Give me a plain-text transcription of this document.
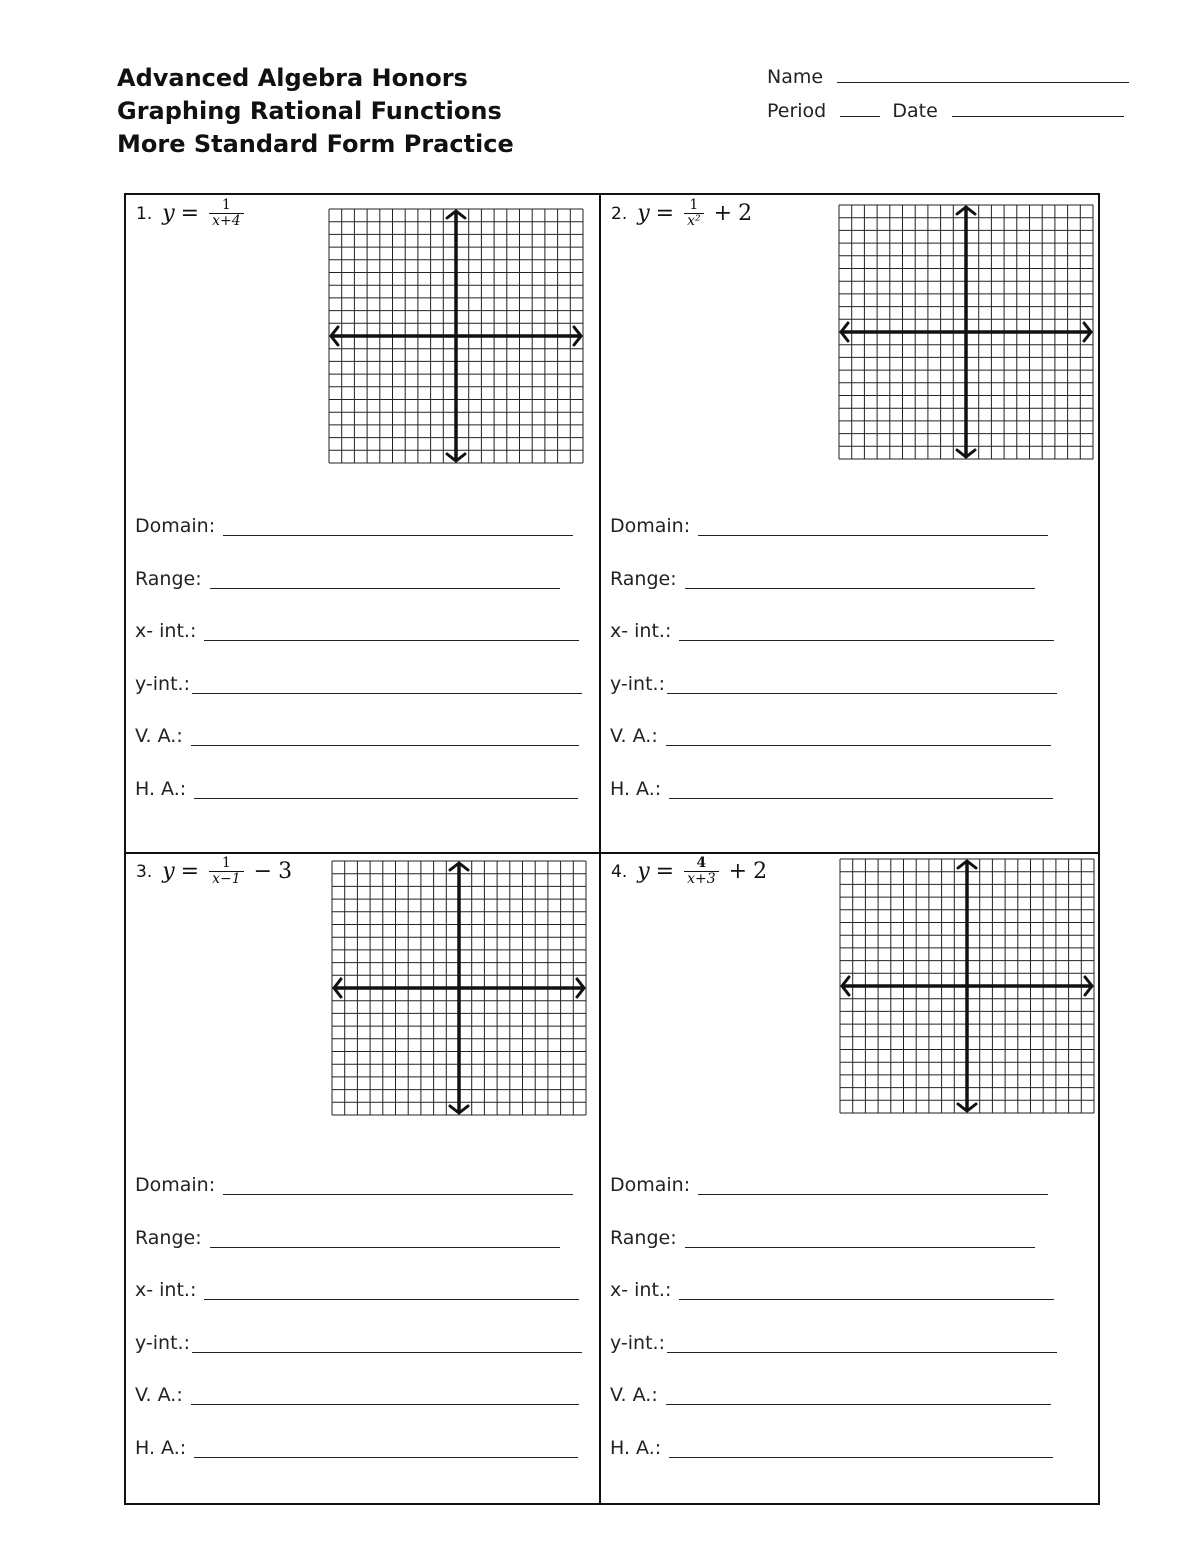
Advanced Algebra Honors
Graphing Rational Functions
More Standard Form Practice
Name
Period	Date
1. $y = \frac{1}{x+4}$
Domain:
Range:
x- int.:
y-int.:
V. A.:
H. A.:
2. $y = \frac{1}{\text{x²}} + 2$
Domain:
Range:
x- int.:
y-int.:
V. A.:
H. A.:
3. $y = \frac{1}{x-1} - 3$
Domain:
Range:
x- int.:
y-int.:
V. A.:
H. A.:
4. $y = \frac{4}{x+3} + 2$
Domain:
Range:
x- int.:
y-int.:
V. A.:
H. A.:
